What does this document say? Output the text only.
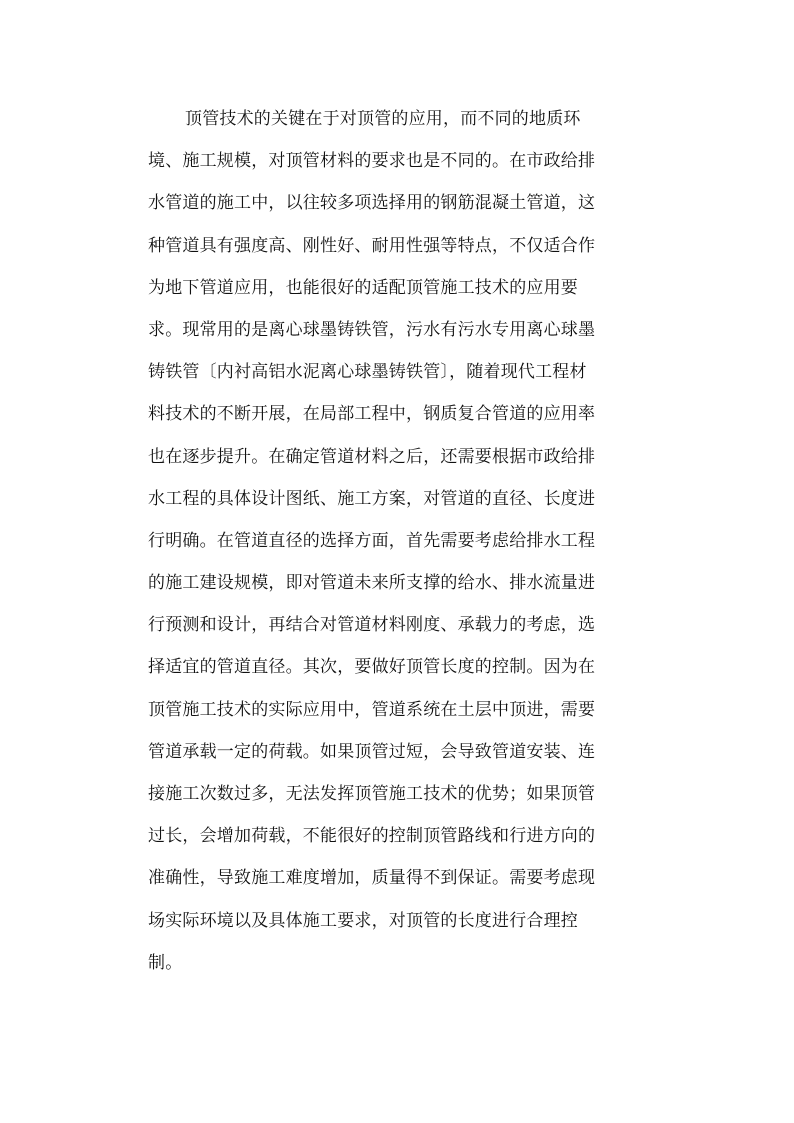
顶管技术的关键在于对顶管的应用，而不同的地质环
境、施工规模，对顶管材料的要求也是不同的。在市政给排
水管道的施工中，以往较多项选择用的钢筋混凝土管道，这
种管道具有强度高、刚性好、耐用性强等特点，不仅适合作
为地下管道应用，也能很好的适配顶管施工技术的应用要
求。现常用的是离心球墨铸铁管，污水有污水专用离心球墨
铸铁管〔内衬高铝水泥离心球墨铸铁管〕，随着现代工程材
料技术的不断开展，在局部工程中，钢质复合管道的应用率
也在逐步提升。在确定管道材料之后，还需要根据市政给排
水工程的具体设计图纸、施工方案，对管道的直径、长度进
行明确。在管道直径的选择方面，首先需要考虑给排水工程
的施工建设规模，即对管道未来所支撑的给水、排水流量进
行预测和设计，再结合对管道材料刚度、承载力的考虑，选
择适宜的管道直径。其次，要做好顶管长度的控制。因为在
顶管施工技术的实际应用中，管道系统在土层中顶进，需要
管道承载一定的荷载。如果顶管过短，会导致管道安装、连
接施工次数过多，无法发挥顶管施工技术的优势；如果顶管
过长，会增加荷载，不能很好的控制顶管路线和行进方向的
准确性，导致施工难度增加，质量得不到保证。需要考虑现
场实际环境以及具体施工要求，对顶管的长度进行合理控
制。
